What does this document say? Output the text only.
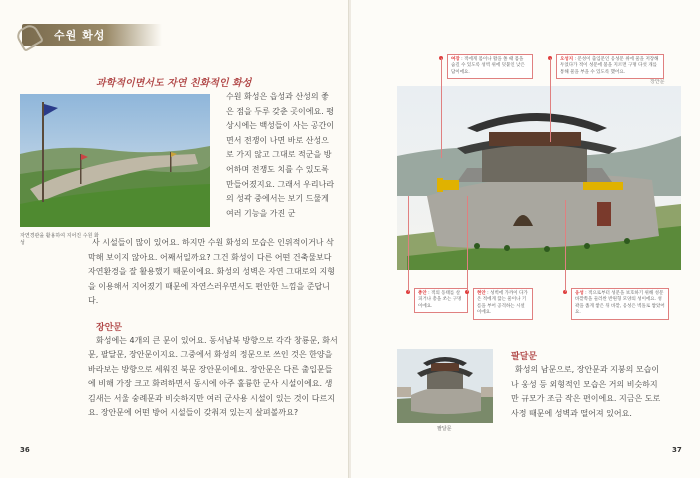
수원 화성
과학적이면서도 자연 친화적인 화성
자연경관을 활용하여 지어진 수원 화성
수원 화성은 읍성과 산성의 좋은 점을 두루 갖춘 곳이에요. 평상시에는 백성들이 사는 공간이면서 전쟁이 나면 바로 산성으로 가지 않고 그대로 적군을 방어하며 전쟁도 치를 수 있도록 만들어졌지요. 그래서 우리나라의 성곽 중에서는 보기 드물게 여러 기능을 가진 군
사 시설들이 많이 있어요. 하지만 수원 화성의 모습은 인위적이거나 삭막해 보이지 않아요. 어째서일까요? 그건 화성이 다른 어떤 건축물보다 자연환경을 잘 활용했기 때문이에요. 화성의 성벽은 자연 그대로의 지형을 이용해서 지어졌기 때문에 자연스러우면서도 편안한 느낌을 준답니다.
장안문
화성에는 4개의 큰 문이 있어요. 동서남북 방향으로 각각 창룡문, 화서문, 팔달문, 장안문이지요. 그중에서 화성의 정문으로 쓰인 것은 한양을 바라보는 방향으로 세워진 북문 장안문이에요. 장안문은 다른 출입문들에 비해 가장 크고 화려하면서 동시에 아주 훌륭한 군사 시설이에요. 생김새는 서울 숭례문과 비슷하지만 여러 군사용 시설이 있는 것이 다르지요. 장안문에 어떤 방어 시설들이 갖춰져 있는지 살펴볼까요?
36
장안문
여장 : 적에게 몸이나 활을 쏠 때 몸을 숨길 수 있도록 성벽 위에 덧붙인 낮은 담이에요.
오성지 : 문성이 출입문인 옹성문 위에 물을 저장해 두었다가 적이 성문에 불을 지르면 구멍 다섯 개를 통해 물을 부을 수 있도록 했어요.
총안 : 적의 동태를 살피거나 총을 쏘는 구멍이에요.
현안 : 성벽에 가까이 다가온 적에게 끓는 물이나 기름을 부어 공격하는 시설이에요.
옹성 : 적으로부터 성문을 보호하기 위해 성문 바깥쪽을 둘러싼 반원형 모양의 성이에요. 성곽을 좁게 쌓은 뒤 바깥, 옹성은 벽돌로 쌓았어요.
팔달문
팔달문
화성의 남문으로, 장안문과 지붕의 모습이나 웅성 등 외형적인 모습은 거의 비슷하지만 규모가 조금 작은 편이에요. 지금은 도로 사정 때문에 성벽과 떨어져 있어요.
37
